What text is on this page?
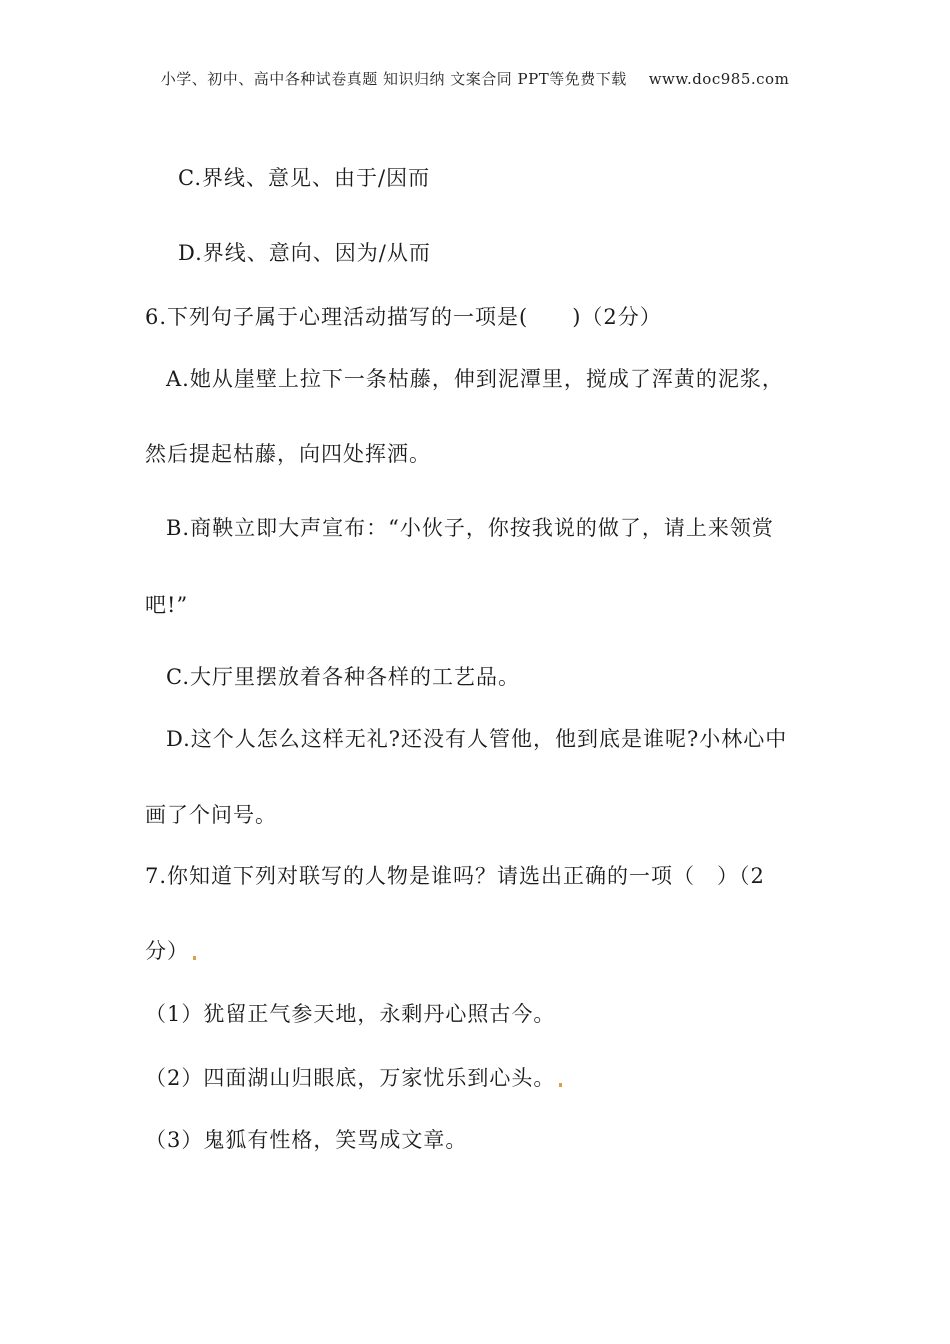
小学、初中、高中各种试卷真题 知识归纳 文案合同 PPT等免费下载 www.doc985.com
C.界线、意见、由于/因而
D.界线、意向、因为/从而
6.下列句子属于心理活动描写的一项是(　　)（2分）
A.她从崖壁上拉下一条枯藤，伸到泥潭里，搅成了浑黄的泥浆，
然后提起枯藤，向四处挥洒。
B.商鞅立即大声宣布：“小伙子，你按我说的做了，请上来领赏
吧!”
C.大厅里摆放着各种各样的工艺品。
D.这个人怎么这样无礼?还没有人管他，他到底是谁呢?小林心中
画了个问号。
7.你知道下列对联写的人物是谁吗？请选出正确的一项（　）（2
分）
（1）犹留正气参天地，永剩丹心照古今。
（2）四面湖山归眼底，万家忧乐到心头。
（3）鬼狐有性格，笑骂成文章。
